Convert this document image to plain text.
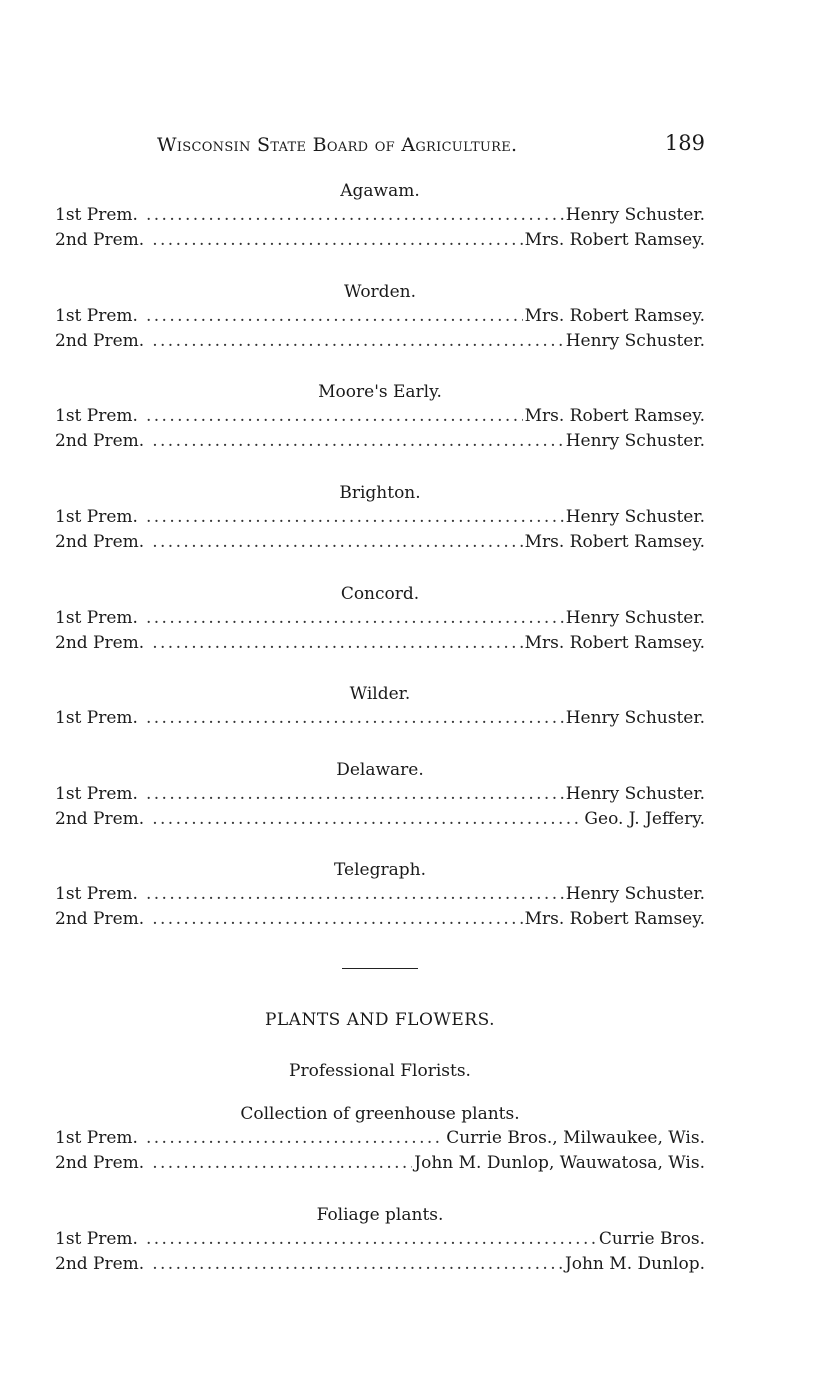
Wisconsin State Board of Agriculture.	189
Agawam.
1st Prem. .....	Henry Schuster.
2nd Prem. .....	Mrs. Robert Ramsey.
Worden.
1st Prem. .....	Mrs. Robert Ramsey.
2nd Prem. .....	Henry Schuster.
Moore's Early.
1st Prem. .....	Mrs. Robert Ramsey.
2nd Prem. .....	Henry Schuster.
Brighton.
1st Prem. .....	Henry Schuster.
2nd Prem. .....	Mrs. Robert Ramsey.
Concord.
1st Prem. .....	Henry Schuster.
2nd Prem. .....	Mrs. Robert Ramsey.
Wilder.
1st Prem. .....	Henry Schuster.
Delaware.
1st Prem. .....	Henry Schuster.
2nd Prem. .....	Geo. J. Jeffery.
Telegraph.
1st Prem. .....	Henry Schuster.
2nd Prem. .....	Mrs. Robert Ramsey.
PLANTS AND FLOWERS.
Professional Florists.
Collection of greenhouse plants.
1st Prem. .....	Currie Bros., Milwaukee, Wis.
2nd Prem. .....	John M. Dunlop, Wauwatosa, Wis.
Foliage plants.
1st Prem. .....	Currie Bros.
2nd Prem. .....	John M. Dunlop.
